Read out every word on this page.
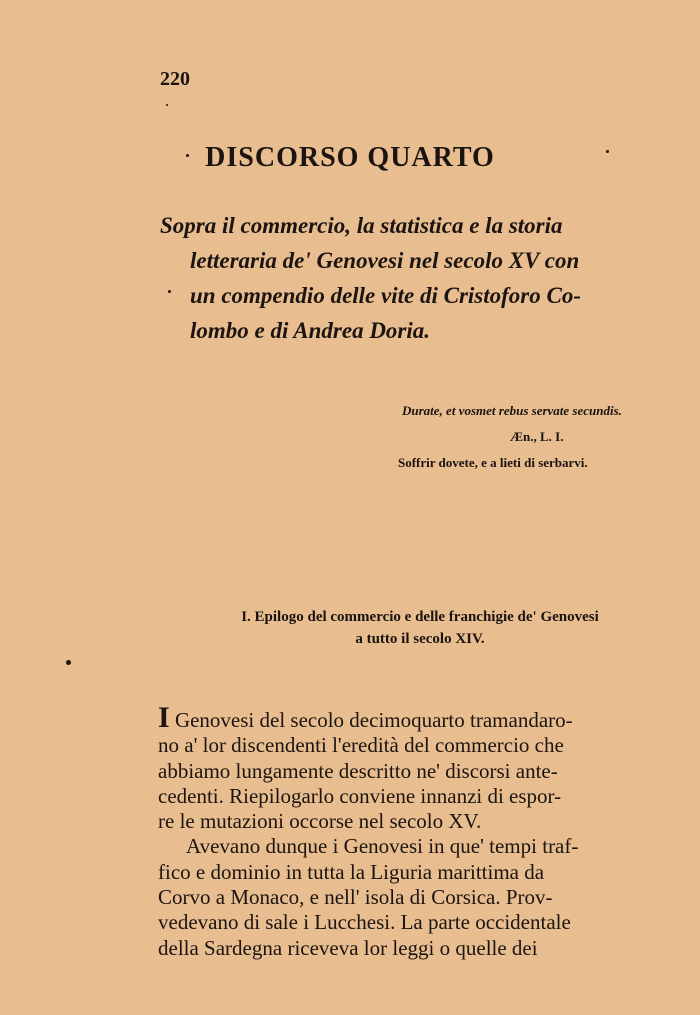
220
DISCORSO QUARTO
Sopra il commercio, la statistica e la storia
letteraria de' Genovesi nel secolo XV con
un compendio delle vite di Cristoforo Co-
lombo e di Andrea Doria.
Durate, et vosmet rebus servate secundis.
Æn., L. I.
Soffrir dovete, e a lieti di serbarvi.
I. Epilogo del commercio e delle franchigie de' Genovesi
a tutto il secolo XIV.
I Genovesi del secolo decimoquarto tramandaro-
no a' lor discendenti l'eredità del commercio che
abbiamo lungamente descritto ne' discorsi ante-
cedenti. Riepilogarlo conviene innanzi di espor-
re le mutazioni occorse nel secolo XV.
Avevano dunque i Genovesi in que' tempi traf-
fico e dominio in tutta la Liguria marittima da
Corvo a Monaco, e nell' isola di Corsica. Prov-
vedevano di sale i Lucchesi. La parte occidentale
della Sardegna riceveva lor leggi o quelle dei
